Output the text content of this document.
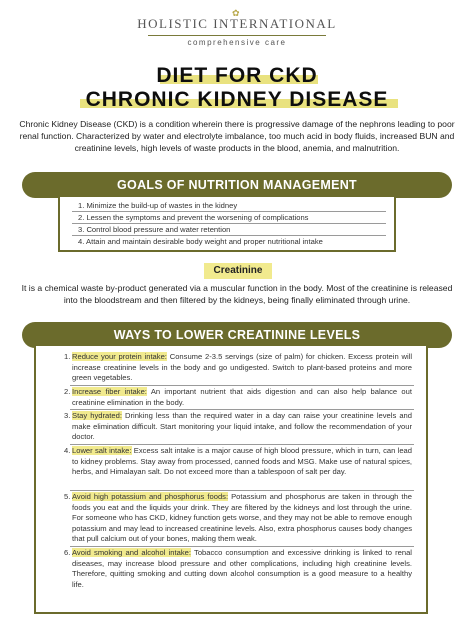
HOLISTIC INTERNATIONAL
comprehensive care
✿
DIET FOR CKD
CHRONIC KIDNEY DISEASE
Chronic Kidney Disease (CKD) is a condition wherein there is progressive damage of the nephrons leading to poor renal function. Characterized by water and electrolyte imbalance, too much acid in body fluids, increased BUN and creatinine levels, high levels of waste products in the blood, anemia, and malnutrition.
GOALS OF NUTRITION MANAGEMENT
1. Minimize the build-up of wastes in the kidney
2. Lessen the symptoms and prevent the worsening of complications
3. Control blood pressure and water retention
4. Attain and maintain desirable body weight and proper nutritional intake
Creatinine
It is a chemical waste by-product generated via a muscular function in the body. Most of the creatinine is released into the bloodstream and then filtered by the kidneys, being finally eliminated through urine.
WAYS TO LOWER CREATININE LEVELS
1. Reduce your protein intake: Consume 2-3.5 servings (size of palm) for chicken. Excess protein will increase creatinine levels in the body and go undigested. Switch to plant-based proteins and more green vegetables.
2. Increase fiber intake: An important nutrient that aids digestion and can also help balance out creatinine elimination in the body.
3. Stay hydrated: Drinking less than the required water in a day can raise your creatinine levels and make elimination difficult. Start monitoring your liquid intake, and follow the recommendation of your doctor.
4. Lower salt intake: Excess salt intake is a major cause of high blood pressure, which in turn, can lead to kidney problems. Stay away from processed, canned foods and MSG. Make use of natural spices, herbs, and Himalayan salt. Do not exceed more than a tablespoon of salt per day.
5. Avoid high potassium and phosphorus foods: Potassium and phosphorus are taken in through the foods you eat and the liquids your drink. They are filtered by the kidneys and lost through the urine. For someone who has CKD, kidney function gets worse, and they may not be able to remove enough potassium and may lead to increased creatinine levels. Also, extra phosphorus causes body changes that pull calcium out of your bones, making them weak.
6. Avoid smoking and alcohol intake: Tobacco consumption and excessive drinking is linked to renal diseases, may increase blood pressure and other complications, including high creatinine levels. Therefore, quitting smoking and cutting down alcohol consumption is a good measure to a healthy life.
